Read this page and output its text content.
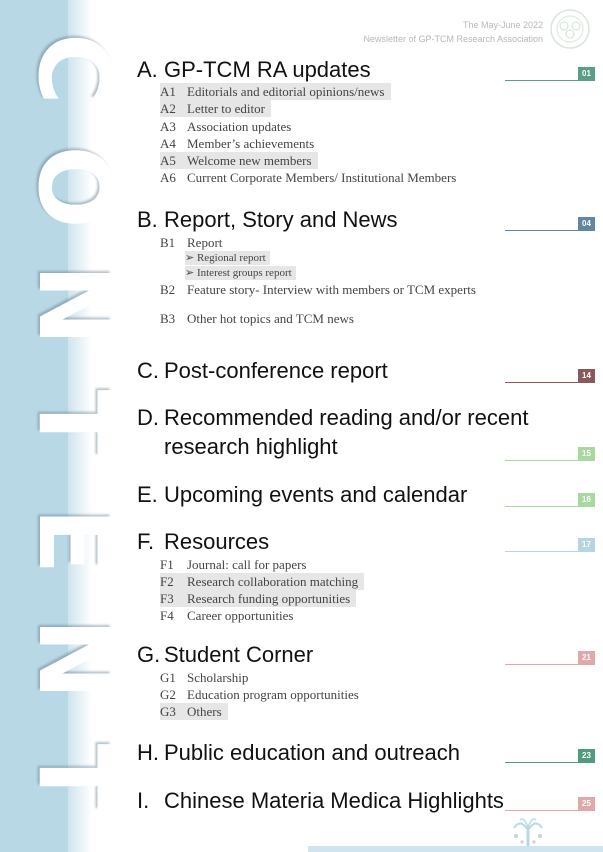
C
O
N
T
E
N
T
The May-June 2022
Newsletter of GP-TCM Research Association
A. GP-TCM RA updates	01
A1 Editorials and editorial opinions/news
A2 Letter to editor
A3 Association updates
A4 Member’s achievements
A5 Welcome new members
A6 Current Corporate Members/ Institutional Members
B. Report, Story and News	04
B1 Report
➢ Regional report
➢ Interest groups report
B2 Feature story- Interview with members or TCM experts
B3 Other hot topics and TCM news
C. Post-conference report	14
D. Recommended reading and/or recent
research highlight	15
E. Upcoming events and calendar	16
F. Resources	17
F1 Journal: call for papers
F2 Research collaboration matching
F3 Research funding opportunities
F4 Career opportunities
G. Student Corner	21
G1 Scholarship
G2 Education program opportunities
G3 Others
H. Public education and outreach	23
I. Chinese Materia Medica Highlights	25
